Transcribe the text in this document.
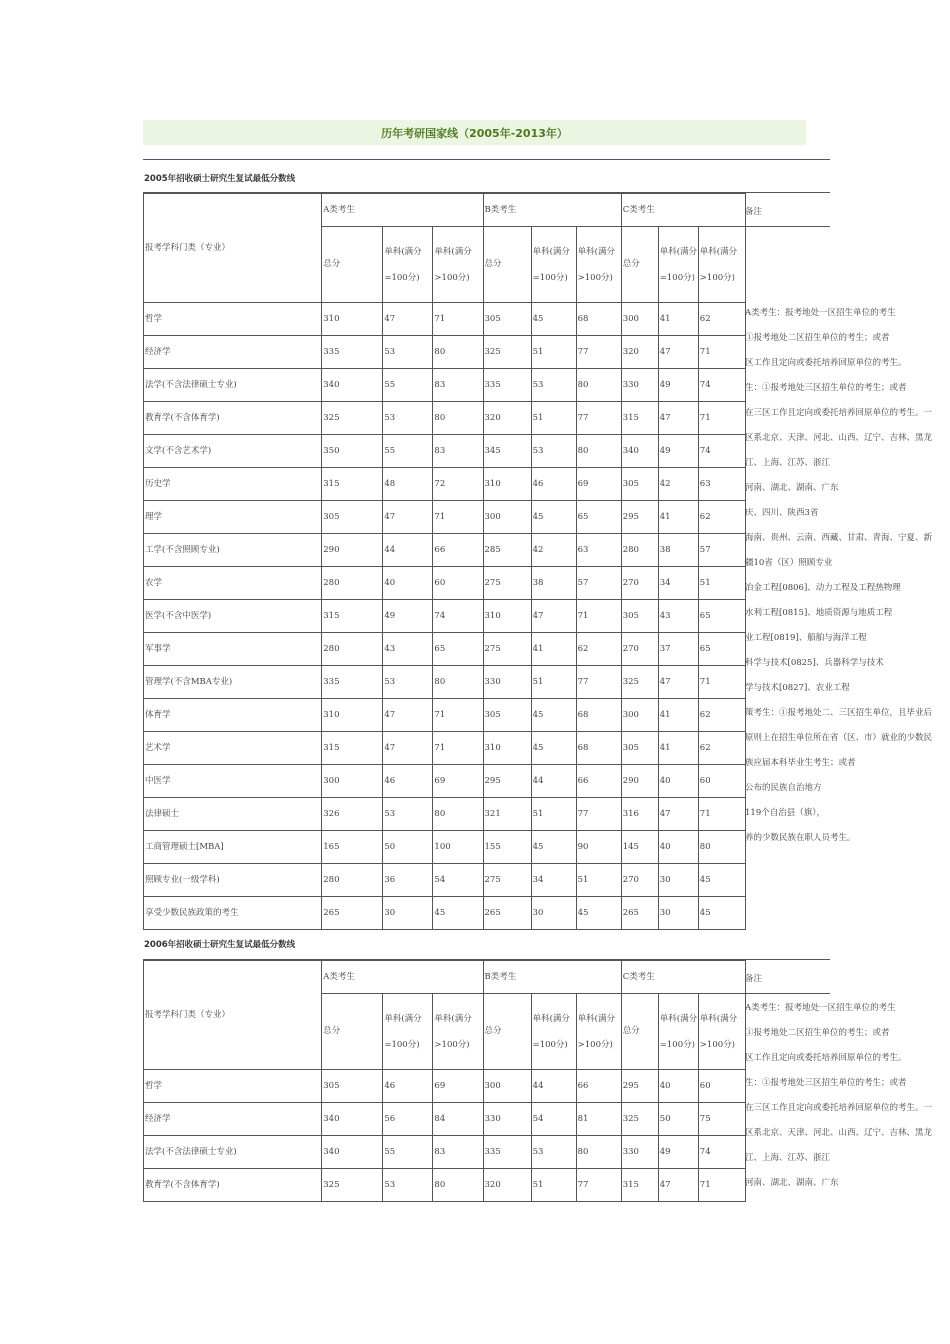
历年考研国家线（2005年-2013年）
2005年招收硕士研究生复试最低分数线
报考学科门类（专业）	A类考生			B类考生			C类考生		
	总分	单科(满分=100分)	单科(满分>100分)	总分	单科(满分=100分)	单科(满分>100分)	总分	单科(满分=100分)	单科(满分>100分)
哲学	310	47	71	305	45	68	300	41	62
经济学	335	53	80	325	51	77	320	47	71
法学(不含法律硕士专业)	340	55	83	335	53	80	330	49	74
教育学(不含体育学)	325	53	80	320	51	77	315	47	71
文学(不含艺术学)	350	55	83	345	53	80	340	49	74
历史学	315	48	72	310	46	69	305	42	63
理学	305	47	71	300	45	65	295	41	62
工学(不含照顾专业)	290	44	66	285	42	63	280	38	57
农学	280	40	60	275	38	57	270	34	51
医学(不含中医学)	315	49	74	310	47	71	305	43	65
军事学	280	43	65	275	41	62	270	37	65
管理学(不含MBA专业)	335	53	80	330	51	77	325	47	71
体育学	310	47	71	305	45	68	300	41	62
艺术学	315	47	71	310	45	68	305	41	62
中医学	300	46	69	295	44	66	290	40	60
法律硕士	326	53	80	321	51	77	316	47	71
工商管理硕士[MBA]	165	50	100	155	45	90	145	40	80
照顾专业(一级学科)	280	36	54	275	34	51	270	30	45
享受少数民族政策的考生	265	30	45	265	30	45	265	30	45
A类考生：报考地处一区招生单位的考生
①报考地处二区招生单位的考生；或者
区工作且定向或委托培养回原单位的考生。
生：①报考地处三区招生单位的考生；或者
在三区工作且定向或委托培养回原单位的考生。一
区系北京、天津、河北、山西、辽宁、吉林、黑龙
江、上海、江苏、浙江
河南、湖北、湖南、广东
庆、四川、陕西3省
海南、贵州、云南、西藏、甘肃、青海、宁夏、新
疆10省（区）照顾专业
冶金工程[0806]、动力工程及工程热物理
水利工程[0815]、地质资源与地质工程
业工程[0819]、船舶与海洋工程
科学与技术[0825]、兵器科学与技术
学与技术[0827]、农业工程
策考生：①报考地处二、三区招生单位，且毕业后
原则上在招生单位所在省（区、市）就业的少数民
族应届本科毕业生考生；或者
公布的民族自治地方
119个自治县（旗），
养的少数民族在职人员考生。
2006年招收硕士研究生复试最低分数线
报考学科门类（专业）	A类考生			B类考生			C类考生		
	总分	单科(满分=100分)	单科(满分>100分)	总分	单科(满分=100分)	单科(满分>100分)	总分	单科(满分=100分)	单科(满分>100分)
哲学	305	46	69	300	44	66	295	40	60
经济学	340	56	84	330	54	81	325	50	75
法学(不含法律硕士专业)	340	55	83	335	53	80	330	49	74
教育学(不含体育学)	325	53	80	320	51	77	315	47	71
A类考生：报考地处一区招生单位的考生
①报考地处二区招生单位的考生；或者
区工作且定向或委托培养回原单位的考生。
生：①报考地处三区招生单位的考生；或者
在三区工作且定向或委托培养回原单位的考生。一
区系北京、天津、河北、山西、辽宁、吉林、黑龙
江、上海、江苏、浙江
河南、湖北、湖南、广东
备注
备注
